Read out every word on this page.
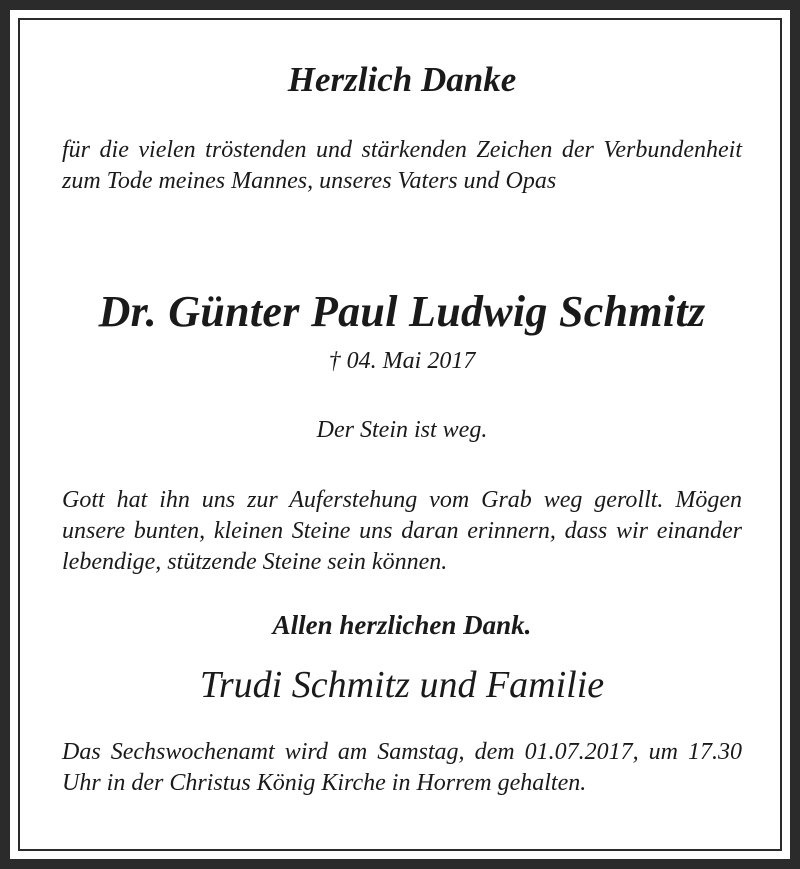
Herzlich Danke

für die vielen tröstenden und stärkenden Zeichen der Verbundenheit zum Tode meines Mannes, unseres Vaters und Opas

Dr. Günter Paul Ludwig Schmitz

† 04. Mai 2017

Der Stein ist weg.

Gott hat ihn uns zur Auferstehung vom Grab weg gerollt. Mögen unsere bunten, kleinen Steine uns daran erinnern, dass wir einander lebendige, stützende Steine sein können.

Allen herzlichen Dank.

Trudi Schmitz und Familie

Das Sechswochenamt wird am Samstag, dem 01.07.2017, um 17.30 Uhr in der Christus König Kirche in Horrem gehalten.
